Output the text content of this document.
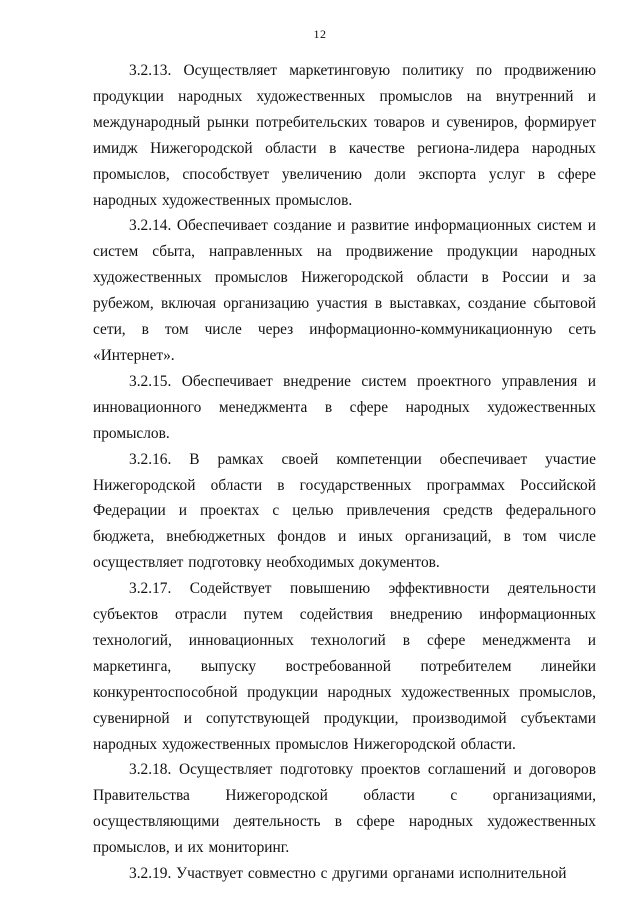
12

3.2.13. Осуществляет маркетинговую политику по продвижению продукции народных художественных промыслов на внутренний и международный рынки потребительских товаров и сувениров, формирует имидж Нижегородской области в качестве региона-лидера народных промыслов, способствует увеличению доли экспорта услуг в сфере народных художественных промыслов.

3.2.14. Обеспечивает создание и развитие информационных систем и систем сбыта, направленных на продвижение продукции народных художественных промыслов Нижегородской области в России и за рубежом, включая организацию участия в выставках, создание сбытовой сети, в том числе через информационно-коммуникационную сеть «Интернет».

3.2.15. Обеспечивает внедрение систем проектного управления и инновационного менеджмента в сфере народных художественных промыслов.

3.2.16. В рамках своей компетенции обеспечивает участие Нижегородской области в государственных программах Российской Федерации и проектах с целью привлечения средств федерального бюджета, внебюджетных фондов и иных организаций, в том числе осуществляет подготовку необходимых документов.

3.2.17. Содействует повышению эффективности деятельности субъектов отрасли путем содействия внедрению информационных технологий, инновационных технологий в сфере менеджмента и маркетинга, выпуску востребованной потребителем линейки конкурентоспособной продукции народных художественных промыслов, сувенирной и сопутствующей продукции, производимой субъектами народных художественных промыслов Нижегородской области.

3.2.18. Осуществляет подготовку проектов соглашений и договоров Правительства Нижегородской области с организациями, осуществляющими деятельность в сфере народных художественных промыслов, и их мониторинг.

3.2.19. Участвует совместно с другими органами исполнительной
